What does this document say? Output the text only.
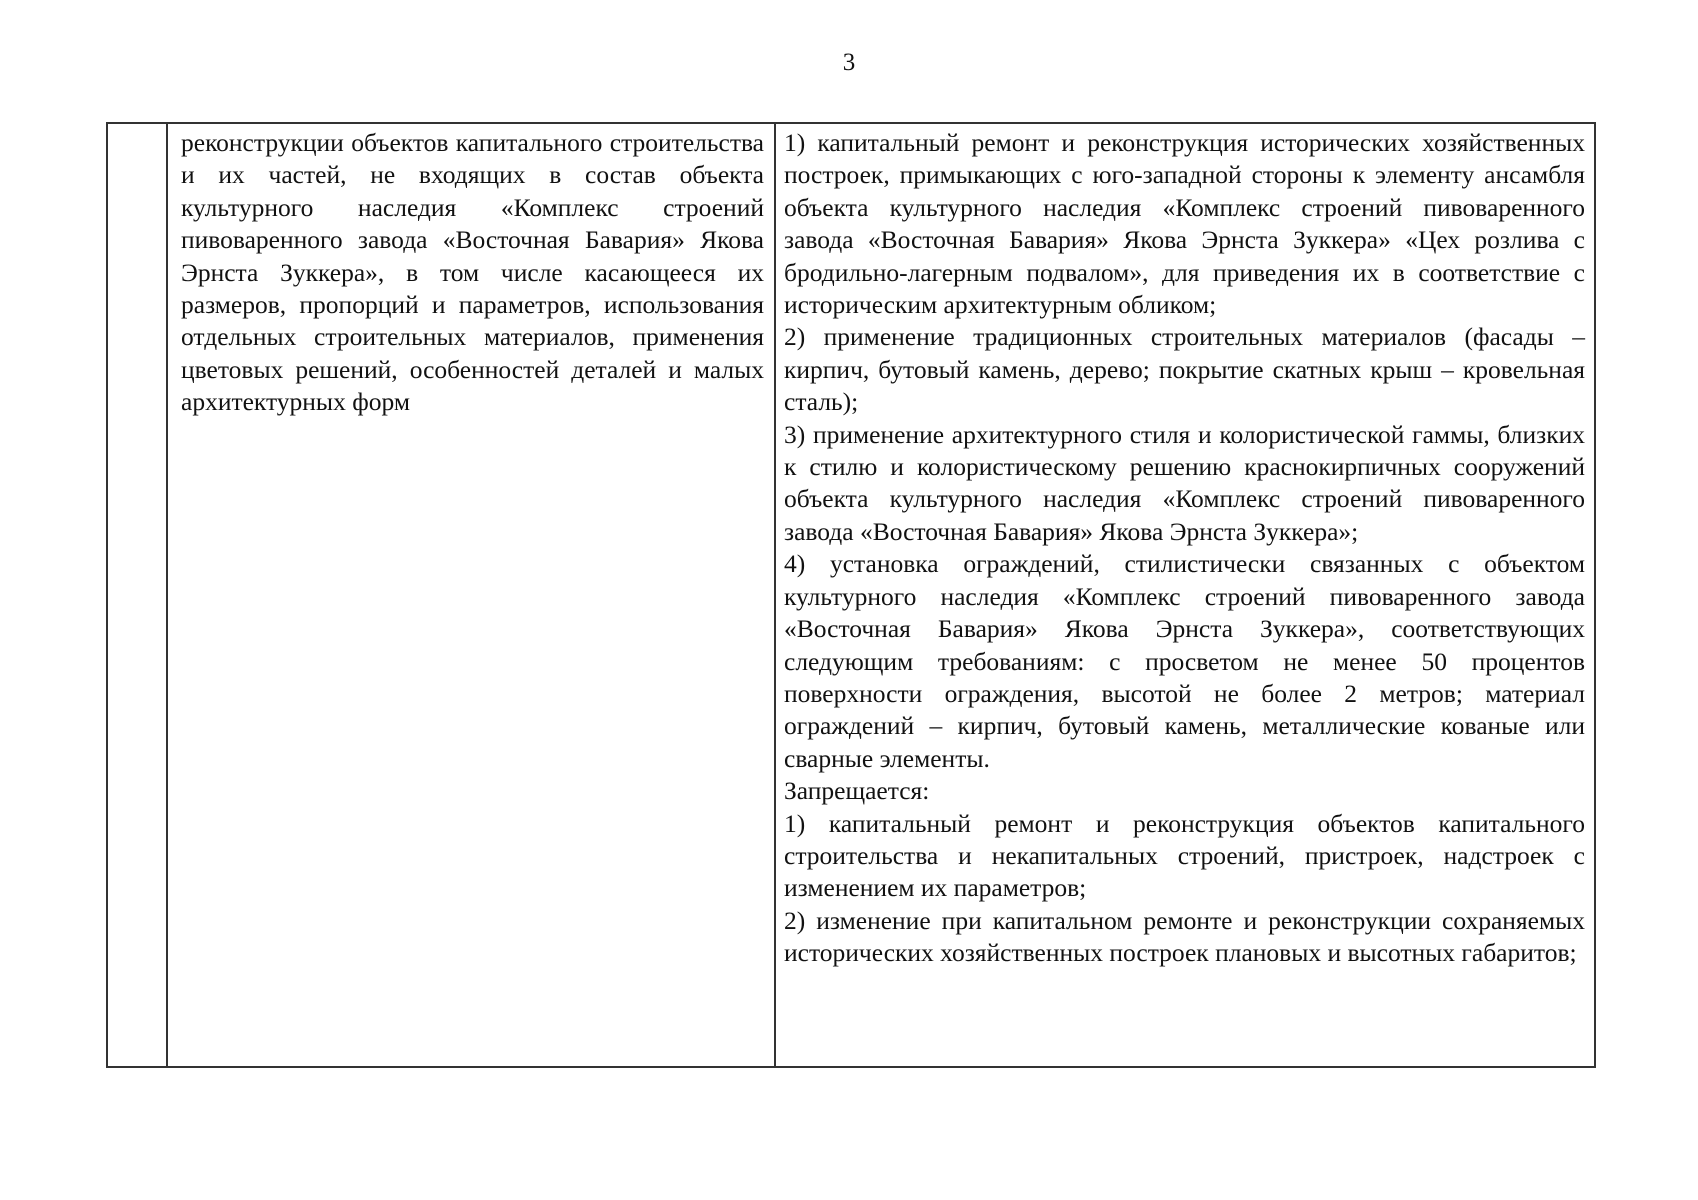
3

реконструкции объектов капитального строительства и их частей, не входящих в состав объекта культурного наследия «Комплекс строений пивоваренного завода «Восточная Бавария» Якова Эрнста Зуккера», в том числе касающееся их размеров, пропорций и параметров, использования отдельных строительных материалов, применения цветовых решений, особенностей деталей и малых архитектурных форм

1) капитальный ремонт и реконструкция исторических хозяйственных построек, примыкающих с юго-западной стороны к элементу ансамбля объекта культурного наследия «Комплекс строений пивоваренного завода «Восточная Бавария» Якова Эрнста Зуккера» «Цех розлива с бродильно-лагерным подвалом», для приведения их в соответствие с историческим архитектурным обликом;

2) применение традиционных строительных материалов (фасады – кирпич, бутовый камень, дерево; покрытие скатных крыш – кровельная сталь);

3) применение архитектурного стиля и колористической гаммы, близких к стилю и колористическому решению краснокирпичных сооружений объекта культурного наследия «Комплекс строений пивоваренного завода «Восточная Бавария» Якова Эрнста Зуккера»;

4) установка ограждений, стилистически связанных с объектом культурного наследия «Комплекс строений пивоваренного завода «Восточная Бавария» Якова Эрнста Зуккера», соответствующих следующим требованиям: с просветом не менее 50 процентов поверхности ограждения, высотой не более 2 метров; материал ограждений – кирпич, бутовый камень, металлические кованые или сварные элементы.

Запрещается:

1) капитальный ремонт и реконструкция объектов капитального строительства и некапитальных строений, пристроек, надстроек с изменением их параметров;

2) изменение при капитальном ремонте и реконструкции сохраняемых исторических хозяйственных построек плановых и высотных габаритов;
